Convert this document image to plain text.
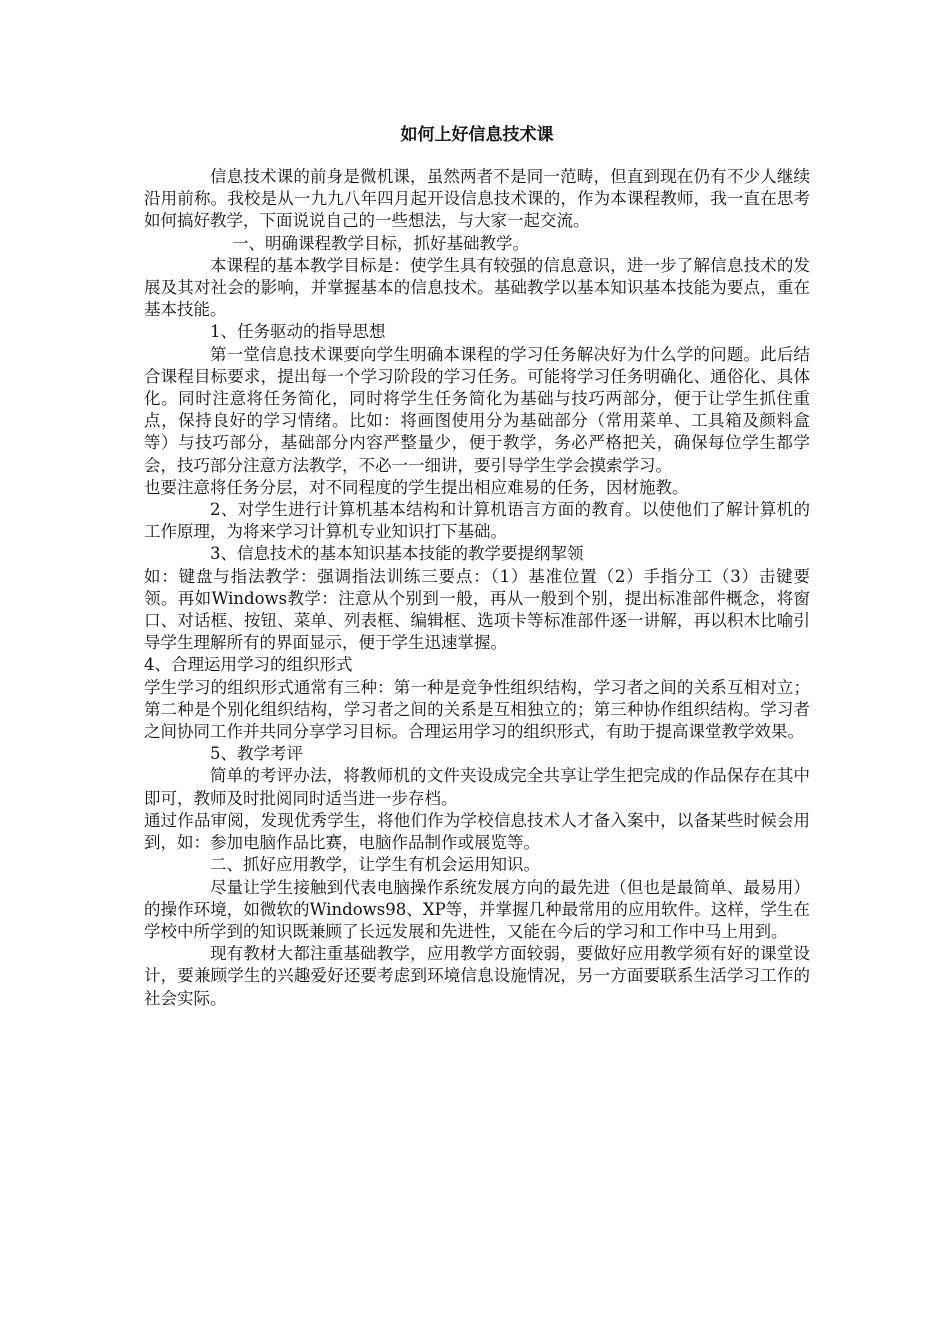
如何上好信息技术课

信息技术课的前身是微机课，虽然两者不是同一范畴，但直到现在仍有不少人继续沿用前称。我校是从一九九八年四月起开设信息技术课的，作为本课程教师，我一直在思考如何搞好教学，下面说说自己的一些想法，与大家一起交流。

一、明确课程教学目标，抓好基础教学。

本课程的基本教学目标是：使学生具有较强的信息意识，进一步了解信息技术的发展及其对社会的影响，并掌握基本的信息技术。基础教学以基本知识基本技能为要点，重在基本技能。

1、任务驱动的指导思想

第一堂信息技术课要向学生明确本课程的学习任务解决好为什么学的问题。此后结合课程目标要求，提出每一个学习阶段的学习任务。可能将学习任务明确化、通俗化、具体化。同时注意将任务简化，同时将学生任务简化为基础与技巧两部分，便于让学生抓住重点，保持良好的学习情绪。比如：将画图使用分为基础部分（常用菜单、工具箱及颜料盒等）与技巧部分，基础部分内容严整量少，便于教学，务必严格把关，确保每位学生都学会，技巧部分注意方法教学，不必一一细讲，要引导学生学会摸索学习。

也要注意将任务分层，对不同程度的学生提出相应难易的任务，因材施教。

2、对学生进行计算机基本结构和计算机语言方面的教育。以使他们了解计算机的工作原理，为将来学习计算机专业知识打下基础。

3、信息技术的基本知识基本技能的教学要提纲挈领

如：键盘与指法教学：强调指法训练三要点：（1）基准位置（2）手指分工（3）击键要领。再如Windows教学：注意从个别到一般，再从一般到个别，提出标准部件概念，将窗口、对话框、按钮、菜单、列表框、编辑框、选项卡等标准部件逐一讲解，再以积木比喻引导学生理解所有的界面显示，便于学生迅速掌握。

4、合理运用学习的组织形式

学生学习的组织形式通常有三种：第一种是竞争性组织结构，学习者之间的关系互相对立；第二种是个别化组织结构，学习者之间的关系是互相独立的；第三种协作组织结构。学习者之间协同工作并共同分享学习目标。合理运用学习的组织形式，有助于提高课堂教学效果。

5、教学考评

简单的考评办法，将教师机的文件夹设成完全共享让学生把完成的作品保存在其中即可，教师及时批阅同时适当进一步存档。

通过作品审阅，发现优秀学生，将他们作为学校信息技术人才备入案中，以备某些时候会用到，如：参加电脑作品比赛，电脑作品制作或展览等。

二、抓好应用教学，让学生有机会运用知识。

尽量让学生接触到代表电脑操作系统发展方向的最先进（但也是最简单、最易用）的操作环境，如微软的Windows98、XP等，并掌握几种最常用的应用软件。这样，学生在学校中所学到的知识既兼顾了长远发展和先进性，又能在今后的学习和工作中马上用到。

现有教材大都注重基础教学，应用教学方面较弱，要做好应用教学须有好的课堂设计，要兼顾学生的兴趣爱好还要考虑到环境信息设施情况，另一方面要联系生活学习工作的社会实际。
